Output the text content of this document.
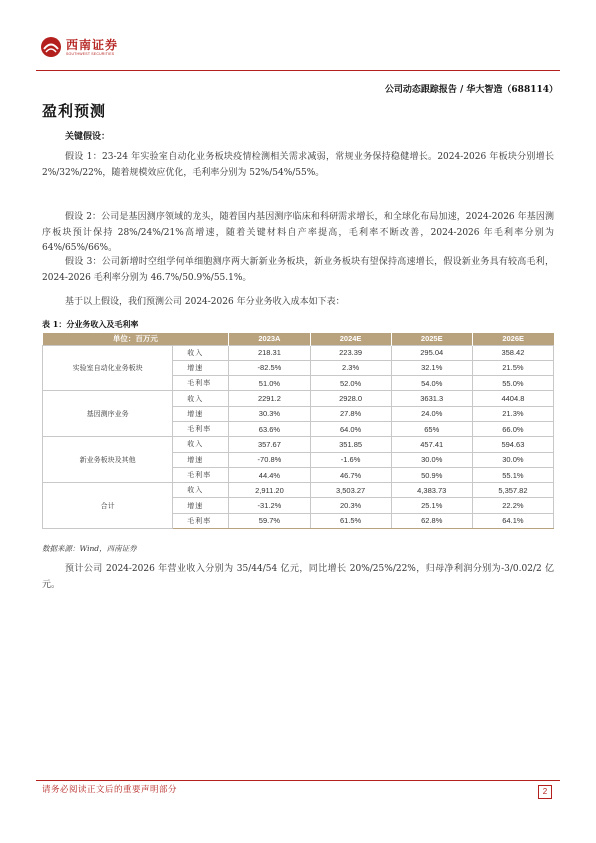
西南证券
SOUTHWEST SECURITIES
公司动态跟踪报告 / 华大智造（688114）
盈利预测
关键假设：

假设 1：23-24 年实验室自动化业务板块疫情检测相关需求减弱，常规业务保持稳健增长。2024-2026 年板块分别增长 2%/32%/22%，随着规模效应优化，毛利率分别为 52%/54%/55%。

假设 2：公司是基因测序领域的龙头，随着国内基因测序临床和科研需求增长，和全球化布局加速，2024-2026 年基因测序板块预计保持 28%/24%/21%高增速，随着关键材料自产率提高，毛利率不断改善，2024-2026 年毛利率分别为 64%/65%/66%。

假设 3：公司新增时空组学何单细胞测序两大新新业务板块，新业务板块有望保持高速增长，假设新业务具有较高毛利，2024-2026 毛利率分别为 46.7%/50.9%/55.1%。

基于以上假设，我们预测公司 2024-2026 年分业务收入成本如下表：

表 1：分业务收入及毛利率
单位：百万元		2023A	2024E	2025E	2026E
实验室自动化业务板块	收入	218.31	223.39	295.04	358.42
	增速	-82.5%	2.3%	32.1%	21.5%
	毛利率	51.0%	52.0%	54.0%	55.0%
基因测序业务	收入	2291.2	2928.0	3631.3	4404.8
	增速	30.3%	27.8%	24.0%	21.3%
	毛利率	63.6%	64.0%	65%	66.0%
新业务板块及其他	收入	357.67	351.85	457.41	594.63
	增速	-70.8%	-1.6%	30.0%	30.0%
	毛利率	44.4%	46.7%	50.9%	55.1%
合计	收入	2,911.20	3,503.27	4,383.73	5,357.82
	增速	-31.2%	20.3%	25.1%	22.2%
	毛利率	59.7%	61.5%	62.8%	64.1%
数据来源：Wind，西南证券

预计公司 2024-2026 年营业收入分别为 35/44/54 亿元，同比增长 20%/25%/22%，归母净利润分别为-3/0.02/2 亿元。

请务必阅读正文后的重要声明部分	2
